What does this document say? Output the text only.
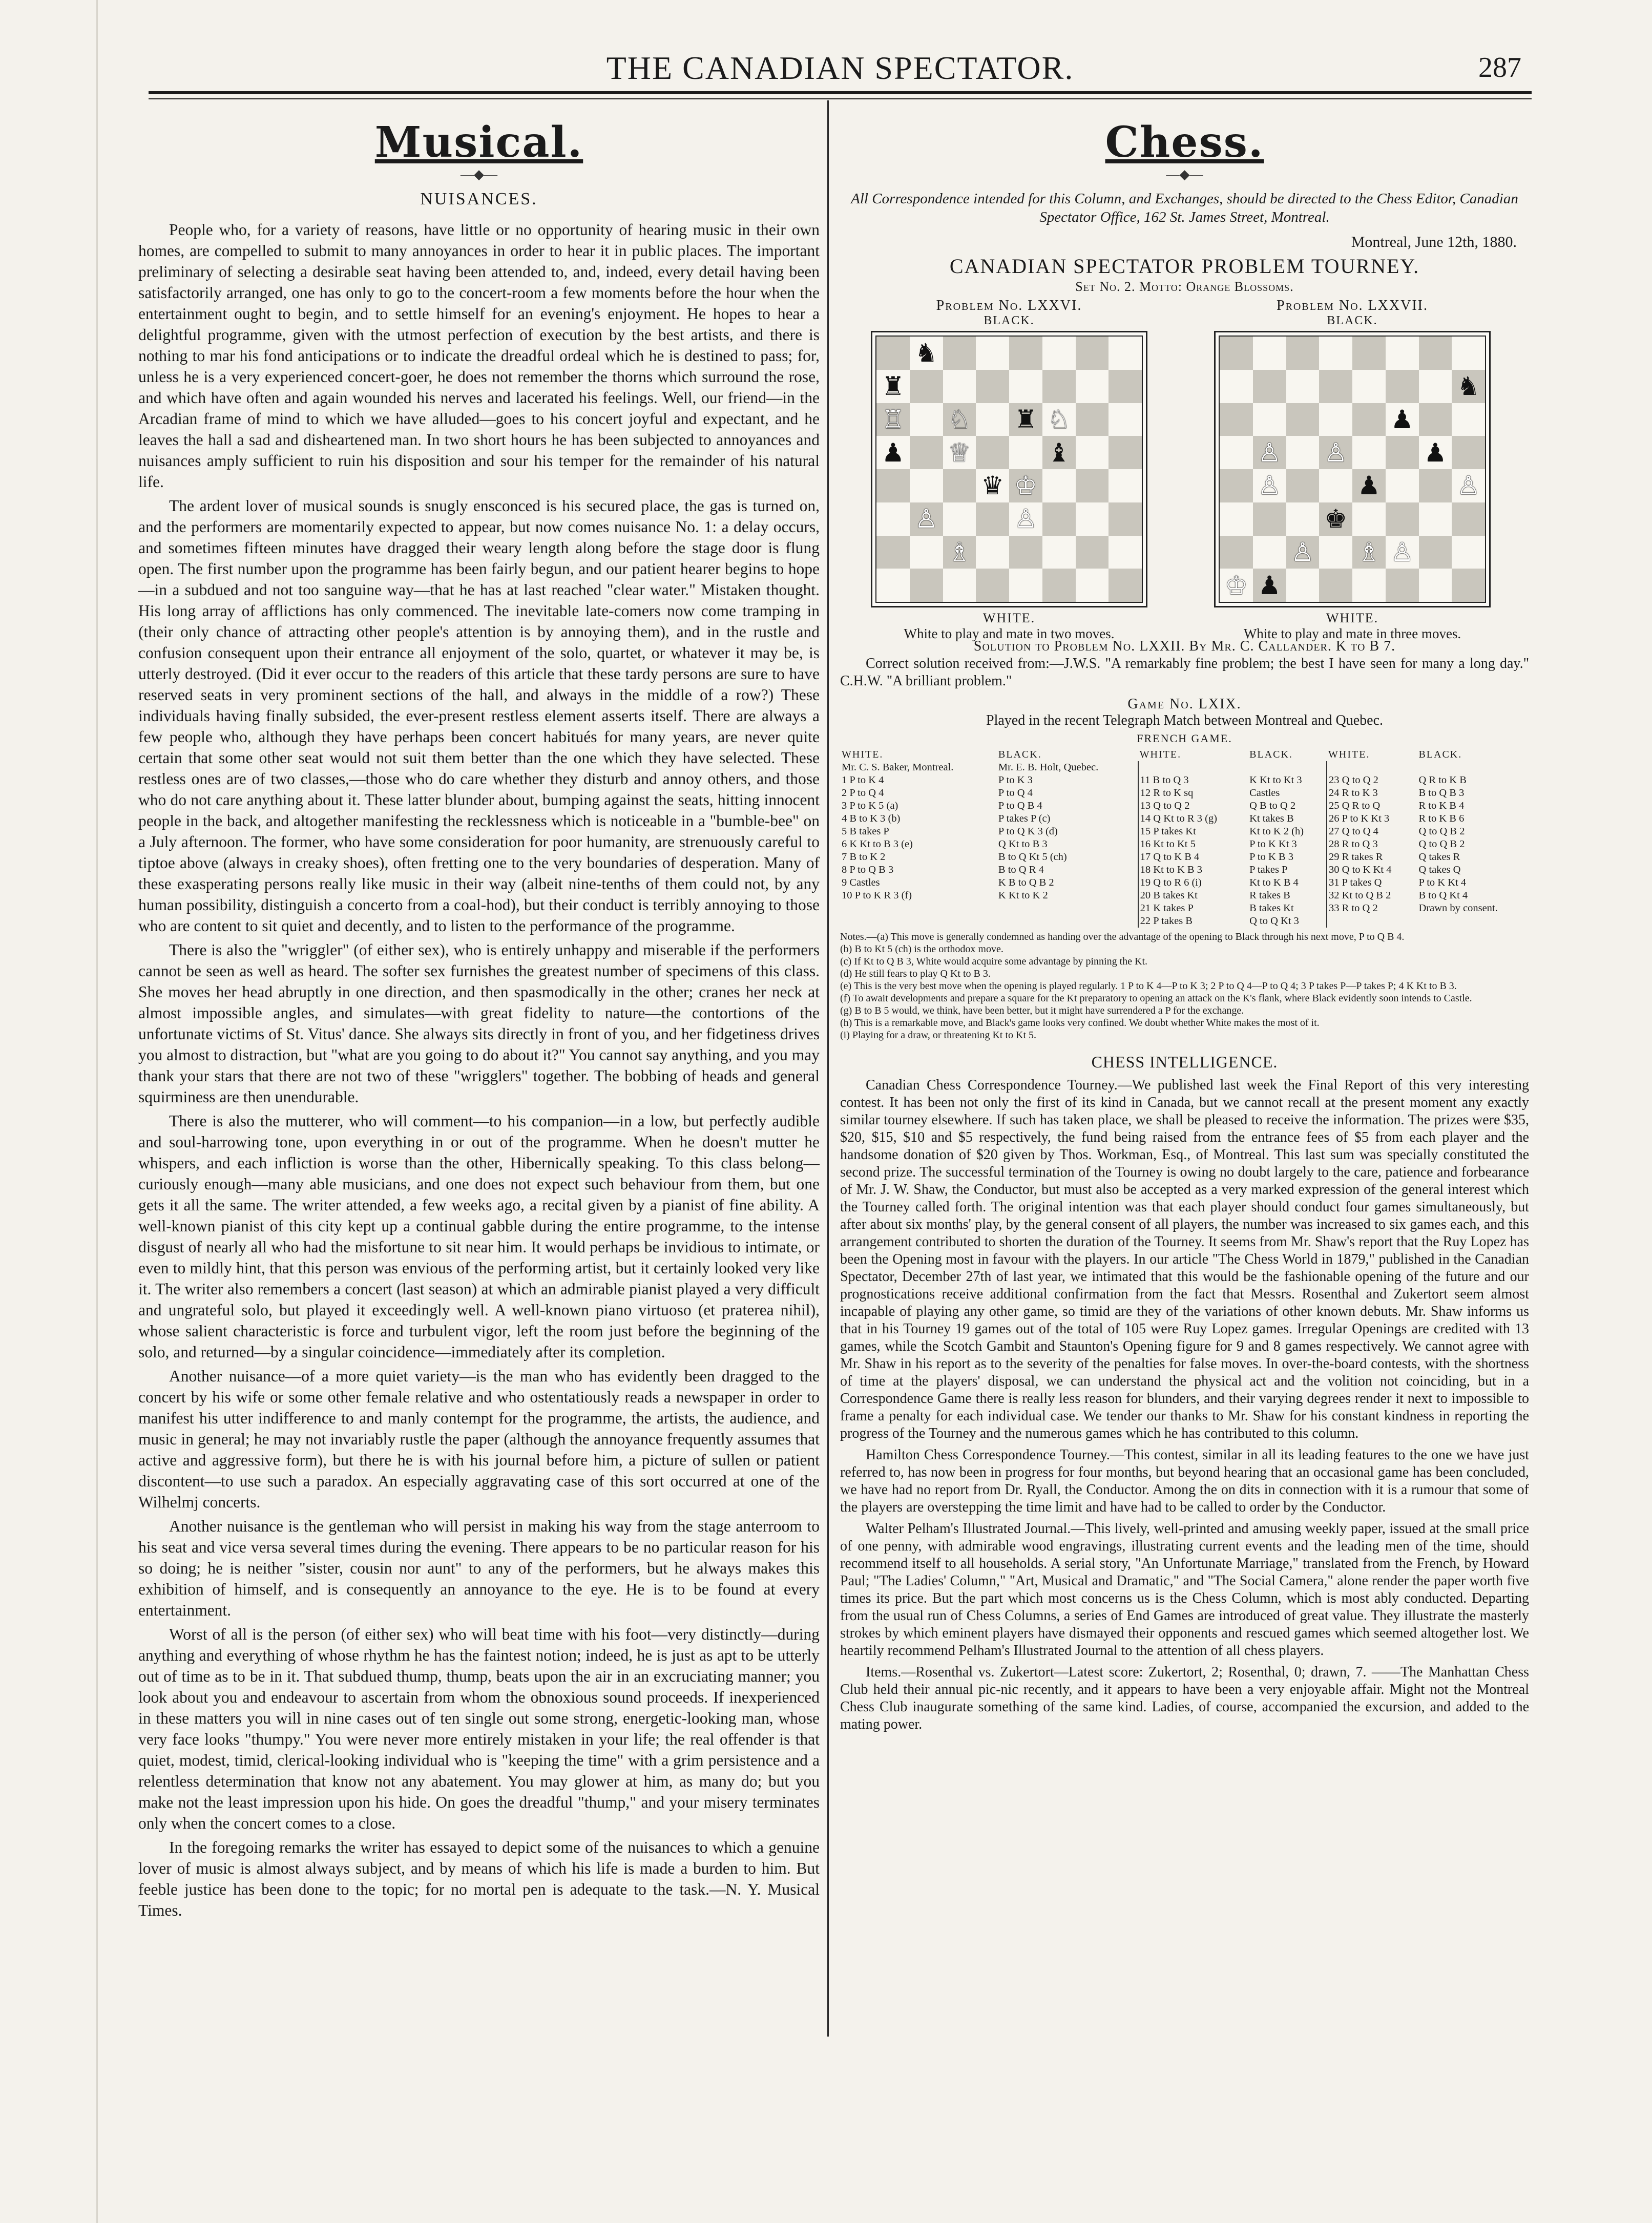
THE CANADIAN SPECTATOR.	287
Musical.
—◆—
NUISANCES.

People who, for a variety of reasons, have little or no opportunity of hearing music in their own homes, are compelled to submit to many annoyances in order to hear it in public places. The important preliminary of selecting a desirable seat having been attended to, and, indeed, every detail having been satisfactorily arranged, one has only to go to the concert-room a few moments before the hour when the entertainment ought to begin, and to settle himself for an evening's enjoyment. He hopes to hear a delightful programme, given with the utmost perfection of execution by the best artists, and there is nothing to mar his fond anticipations or to indicate the dreadful ordeal which he is destined to pass; for, unless he is a very experienced concert-goer, he does not remember the thorns which surround the rose, and which have often and again wounded his nerves and lacerated his feelings. Well, our friend—in the Arcadian frame of mind to which we have alluded—goes to his concert joyful and expectant, and he leaves the hall a sad and disheartened man. In two short hours he has been subjected to annoyances and nuisances amply sufficient to ruin his disposition and sour his temper for the remainder of his natural life.

The ardent lover of musical sounds is snugly ensconced is his secured place, the gas is turned on, and the performers are momentarily expected to appear, but now comes nuisance No. 1: a delay occurs, and sometimes fifteen minutes have dragged their weary length along before the stage door is flung open. The first number upon the programme has been fairly begun, and our patient hearer begins to hope—in a subdued and not too sanguine way—that he has at last reached "clear water." Mistaken thought. His long array of afflictions has only commenced. The inevitable late-comers now come tramping in (their only chance of attracting other people's attention is by annoying them), and in the rustle and confusion consequent upon their entrance all enjoyment of the solo, quartet, or whatever it may be, is utterly destroyed. (Did it ever occur to the readers of this article that these tardy persons are sure to have reserved seats in very prominent sections of the hall, and always in the middle of a row?) These individuals having finally subsided, the ever-present restless element asserts itself. There are always a few people who, although they have perhaps been concert habitués for many years, are never quite certain that some other seat would not suit them better than the one which they have selected. These restless ones are of two classes,—those who do care whether they disturb and annoy others, and those who do not care anything about it. These latter blunder about, bumping against the seats, hitting innocent people in the back, and altogether manifesting the recklessness which is noticeable in a "bumble-bee" on a July afternoon. The former, who have some consideration for poor humanity, are strenuously careful to tiptoe above (always in creaky shoes), often fretting one to the very boundaries of desperation. Many of these exasperating persons really like music in their way (albeit nine-tenths of them could not, by any human possibility, distinguish a concerto from a coal-hod), but their conduct is terribly annoying to those who are content to sit quiet and decently, and to listen to the performance of the programme.

There is also the "wriggler" (of either sex), who is entirely unhappy and miserable if the performers cannot be seen as well as heard. The softer sex furnishes the greatest number of specimens of this class. She moves her head abruptly in one direction, and then spasmodically in the other; cranes her neck at almost impossible angles, and simulates—with great fidelity to nature—the contortions of the unfortunate victims of St. Vitus' dance. She always sits directly in front of you, and her fidgetiness drives you almost to distraction, but "what are you going to do about it?" You cannot say anything, and you may thank your stars that there are not two of these "wrigglers" together. The bobbing of heads and general squirminess are then unendurable.

There is also the mutterer, who will comment—to his companion—in a low, but perfectly audible and soul-harrowing tone, upon everything in or out of the programme. When he doesn't mutter he whispers, and each infliction is worse than the other, Hibernically speaking. To this class belong—curiously enough—many able musicians, and one does not expect such behaviour from them, but one gets it all the same. The writer attended, a few weeks ago, a recital given by a pianist of fine ability. A well-known pianist of this city kept up a continual gabble during the entire programme, to the intense disgust of nearly all who had the misfortune to sit near him. It would perhaps be invidious to intimate, or even to mildly hint, that this person was envious of the performing artist, but it certainly looked very like it. The writer also remembers a concert (last season) at which an admirable pianist played a very difficult and ungrateful solo, but played it exceedingly well. A well-known piano virtuoso (et praterea nihil), whose salient characteristic is force and turbulent vigor, left the room just before the beginning of the solo, and returned—by a singular coincidence—immediately after its completion.

Another nuisance—of a more quiet variety—is the man who has evidently been dragged to the concert by his wife or some other female relative and who ostentatiously reads a newspaper in order to manifest his utter indifference to and manly contempt for the programme, the artists, the audience, and music in general; he may not invariably rustle the paper (although the annoyance frequently assumes that active and aggressive form), but there he is with his journal before him, a picture of sullen or patient discontent—to use such a paradox. An especially aggravating case of this sort occurred at one of the Wilhelmj concerts.

Another nuisance is the gentleman who will persist in making his way from the stage anterroom to his seat and vice versa several times during the evening. There appears to be no particular reason for his so doing; he is neither "sister, cousin nor aunt" to any of the performers, but he always makes this exhibition of himself, and is consequently an annoyance to the eye. He is to be found at every entertainment.

Worst of all is the person (of either sex) who will beat time with his foot—very distinctly—during anything and everything of whose rhythm he has the faintest notion; indeed, he is just as apt to be utterly out of time as to be in it. That subdued thump, thump, beats upon the air in an excruciating manner; you look about you and endeavour to ascertain from whom the obnoxious sound proceeds. If inexperienced in these matters you will in nine cases out of ten single out some strong, energetic-looking man, whose very face looks "thumpy." You were never more entirely mistaken in your life; the real offender is that quiet, modest, timid, clerical-looking individual who is "keeping the time" with a grim persistence and a relentless determination that know not any abatement. You may glower at him, as many do; but you make not the least impression upon his hide. On goes the dreadful "thump," and your misery terminates only when the concert comes to a close.

In the foregoing remarks the writer has essayed to depict some of the nuisances to which a genuine lover of music is almost always subject, and by means of which his life is made a burden to him. But feeble justice has been done to the topic; for no mortal pen is adequate to the task.—N. Y. Musical Times.

Chess.
—◆—
All Correspondence intended for this Column, and Exchanges, should be directed to the Chess Editor, Canadian Spectator Office, 162 St. James Street, Montreal.
Montreal, June 12th, 1880.
CANADIAN SPECTATOR PROBLEM TOURNEY.
Set No. 2. Motto: Orange Blossoms.
Problem No. LXXVI.
BLACK.
♞
♜
♖ ♘ ♜ ♘
♟ ♕	♝
♛ ♔
♙	♙
♗
WHITE.
White to play and mate in two moves.
Problem No. LXXVII.
BLACK.
♞
♟
♙ ♙	♟
♙	♟	♙
♚
♙ ♗ ♙
♔ ♟
WHITE.
White to play and mate in three moves.
Solution to Problem No. LXXII. By Mr. C. Callander. K to B 7.

Correct solution received from:—J.W.S. "A remarkably fine problem; the best I have seen for many a long day." C.H.W. "A brilliant problem."

Game No. LXIX.
Played in the recent Telegraph Match between Montreal and Quebec.
FRENCH GAME.
WHITE.	BLACK.	WHITE.	BLACK.	WHITE.	BLACK.
Mr. C. S. Baker, Montreal.	Mr. E. B. Holt, Quebec.				
1 P to K 4	P to K 3	11 B to Q 3	K Kt to Kt 3	23 Q to Q 2	Q R to K B
2 P to Q 4	P to Q 4	12 R to K sq	Castles	24 R to K 3	B to Q B 3
3 P to K 5 (a)	P to Q B 4	13 Q to Q 2	Q B to Q 2	25 Q R to Q	R to K B 4
4 B to K 3 (b)	P takes P (c)	14 Q Kt to R 3 (g)	Kt takes B	26 P to K Kt 3	R to K B 6
5 B takes P	P to Q K 3 (d)	15 P takes Kt	Kt to K 2 (h)	27 Q to Q 4	Q to Q B 2
6 K Kt to B 3 (e)	Q Kt to B 3	16 Kt to Kt 5	P to K Kt 3	28 R to Q 3	Q to Q B 2
7 B to K 2	B to Q Kt 5 (ch)	17 Q to K B 4	P to K B 3	29 R takes R	Q takes R
8 P to Q B 3	B to Q R 4	18 Kt to K B 3	P takes P	30 Q to K Kt 4	Q takes Q
9 Castles	K B to Q B 2	19 Q to R 6 (i)	Kt to K B 4	31 P takes Q	P to K Kt 4
10 P to K R 3 (f)	K Kt to K 2	20 B takes Kt	R takes B	32 Kt to Q B 2	B to Q Kt 4
		21 K takes P	B takes Kt	33 R to Q 2	Drawn by consent.
		22 P takes B	Q to Q Kt 3		

Notes.—(a) This move is generally condemned as handing over the advantage of the opening to Black through his next move, P to Q B 4.

(b) B to Kt 5 (ch) is the orthodox move.

(c) If Kt to Q B 3, White would acquire some advantage by pinning the Kt.

(d) He still fears to play Q Kt to B 3.

(e) This is the very best move when the opening is played regularly. 1 P to K 4—P to K 3; 2 P to Q 4—P to Q 4; 3 P takes P—P takes P; 4 K Kt to B 3.

(f) To await developments and prepare a square for the Kt preparatory to opening an attack on the K's flank, where Black evidently soon intends to Castle.

(g) B to B 5 would, we think, have been better, but it might have surrendered a P for the exchange.

(h) This is a remarkable move, and Black's game looks very confined. We doubt whether White makes the most of it.

(i) Playing for a draw, or threatening Kt to Kt 5.

CHESS INTELLIGENCE.

Canadian Chess Correspondence Tourney.—We published last week the Final Report of this very interesting contest. It has been not only the first of its kind in Canada, but we cannot recall at the present moment any exactly similar tourney elsewhere. If such has taken place, we shall be pleased to receive the information. The prizes were $35, $20, $15, $10 and $5 respectively, the fund being raised from the entrance fees of $5 from each player and the handsome donation of $20 given by Thos. Workman, Esq., of Montreal. This last sum was specially constituted the second prize. The successful termination of the Tourney is owing no doubt largely to the care, patience and forbearance of Mr. J. W. Shaw, the Conductor, but must also be accepted as a very marked expression of the general interest which the Tourney called forth. The original intention was that each player should conduct four games simultaneously, but after about six months' play, by the general consent of all players, the number was increased to six games each, and this arrangement contributed to shorten the duration of the Tourney. It seems from Mr. Shaw's report that the Ruy Lopez has been the Opening most in favour with the players. In our article "The Chess World in 1879," published in the Canadian Spectator, December 27th of last year, we intimated that this would be the fashionable opening of the future and our prognostications receive additional confirmation from the fact that Messrs. Rosenthal and Zukertort seem almost incapable of playing any other game, so timid are they of the variations of other known debuts. Mr. Shaw informs us that in his Tourney 19 games out of the total of 105 were Ruy Lopez games. Irregular Openings are credited with 13 games, while the Scotch Gambit and Staunton's Opening figure for 9 and 8 games respectively. We cannot agree with Mr. Shaw in his report as to the severity of the penalties for false moves. In over-the-board contests, with the shortness of time at the players' disposal, we can understand the physical act and the volition not coinciding, but in a Correspondence Game there is really less reason for blunders, and their varying degrees render it next to impossible to frame a penalty for each individual case. We tender our thanks to Mr. Shaw for his constant kindness in reporting the progress of the Tourney and the numerous games which he has contributed to this column.

Hamilton Chess Correspondence Tourney.—This contest, similar in all its leading features to the one we have just referred to, has now been in progress for four months, but beyond hearing that an occasional game has been concluded, we have had no report from Dr. Ryall, the Conductor. Among the on dits in connection with it is a rumour that some of the players are overstepping the time limit and have had to be called to order by the Conductor.

Walter Pelham's Illustrated Journal.—This lively, well-printed and amusing weekly paper, issued at the small price of one penny, with admirable wood engravings, illustrating current events and the leading men of the time, should recommend itself to all households. A serial story, "An Unfortunate Marriage," translated from the French, by Howard Paul; "The Ladies' Column," "Art, Musical and Dramatic," and "The Social Camera," alone render the paper worth five times its price. But the part which most concerns us is the Chess Column, which is most ably conducted. Departing from the usual run of Chess Columns, a series of End Games are introduced of great value. They illustrate the masterly strokes by which eminent players have dismayed their opponents and rescued games which seemed altogether lost. We heartily recommend Pelham's Illustrated Journal to the attention of all chess players.

Items.—Rosenthal vs. Zukertort—Latest score: Zukertort, 2; Rosenthal, 0; drawn, 7. ——The Manhattan Chess Club held their annual pic-nic recently, and it appears to have been a very enjoyable affair. Might not the Montreal Chess Club inaugurate something of the same kind. Ladies, of course, accompanied the excursion, and added to the mating power.
